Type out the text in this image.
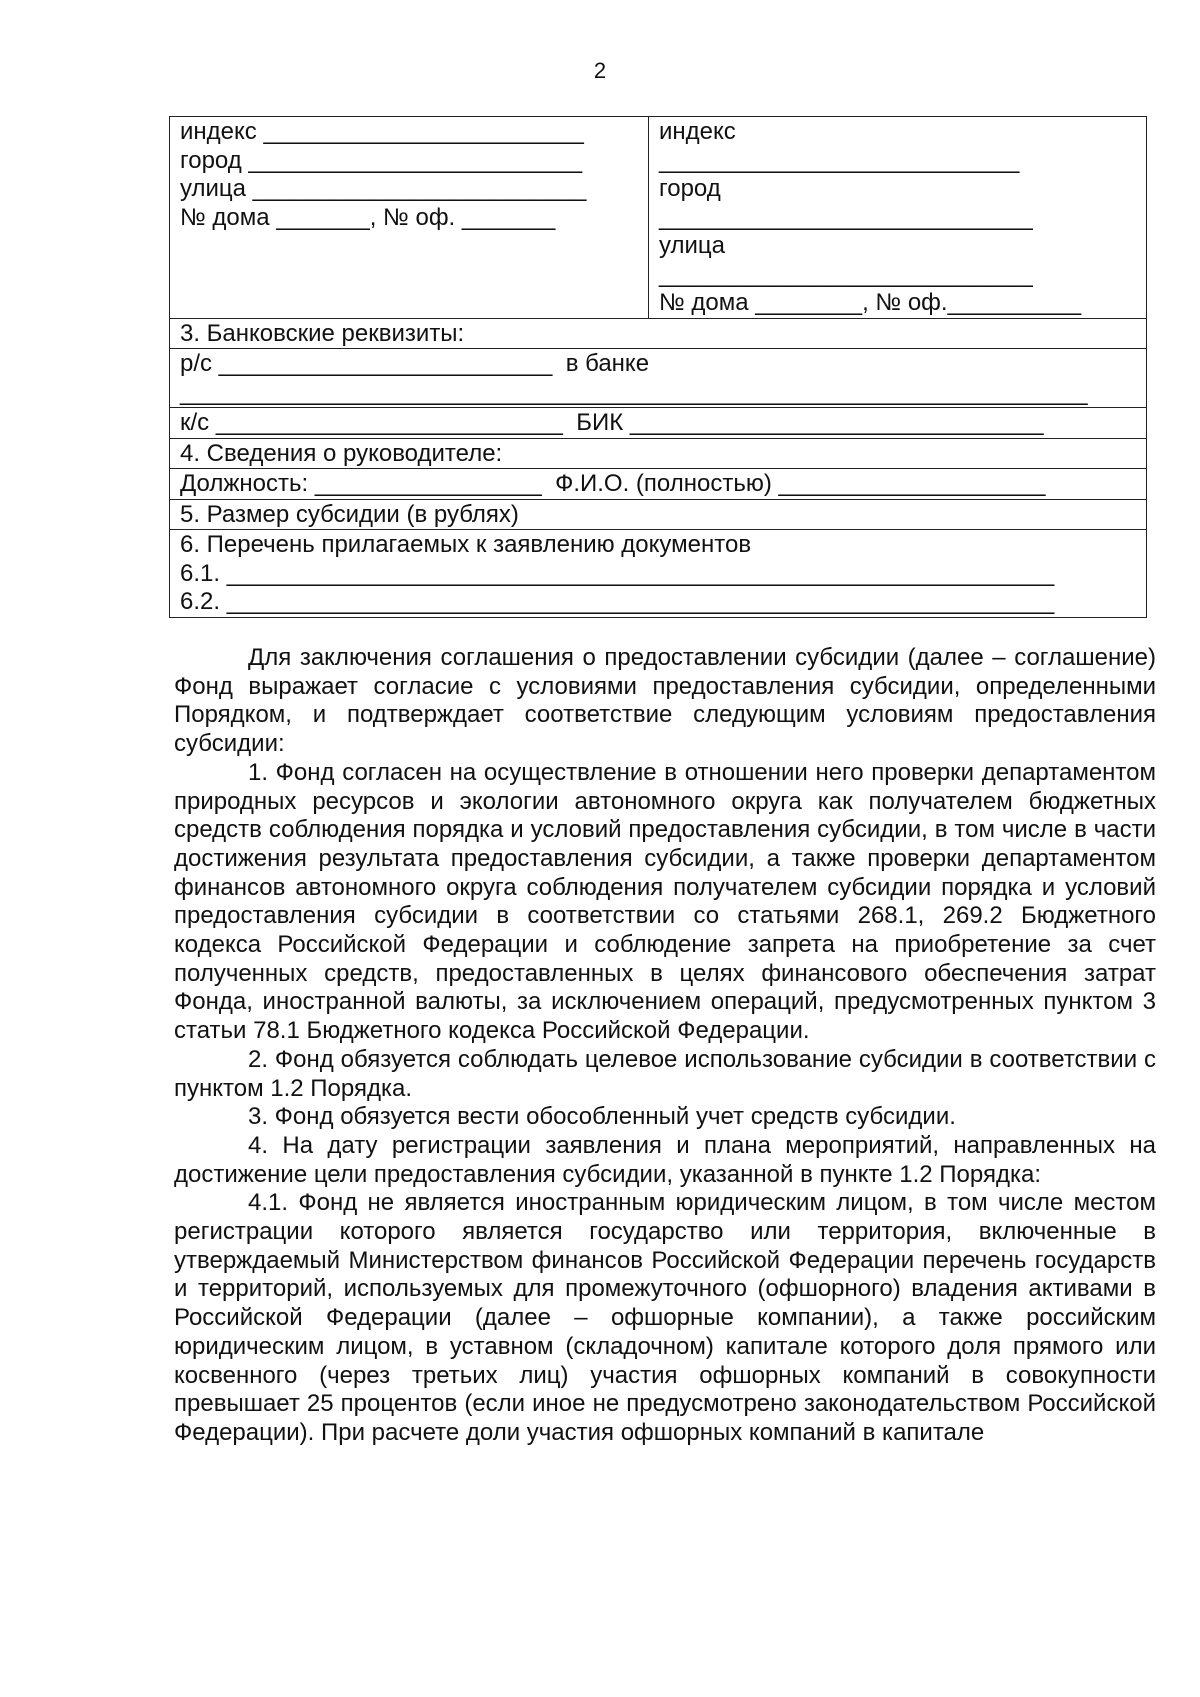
2
индекс ________________________
город _________________________
улица _________________________
№ дома _______, № оф. _______

индекс
___________________________
город
____________________________
улица
____________________________
№ дома ________, № оф.__________

3. Банковские реквизиты:

р/с _________________________  в банке
____________________________________________________________________

к/с __________________________  БИК _______________________________

4. Сведения о руководителе:

Должность: _________________  Ф.И.О. (полностью) ____________________

5. Размер субсидии (в рублях)

6. Перечень прилагаемых к заявлению документов
6.1. ______________________________________________________________
6.2. ______________________________________________________________

Для заключения соглашения о предоставлении субсидии (далее – соглашение) Фонд выражает согласие с условиями предоставления субсидии, определенными Порядком, и подтверждает соответствие следующим условиям предоставления субсидии:

1. Фонд согласен на осуществление в отношении него проверки департаментом природных ресурсов и экологии автономного округа как получателем бюджетных средств соблюдения порядка и условий предоставления субсидии, в том числе в части достижения результата предоставления субсидии, а также проверки департаментом финансов автономного округа соблюдения получателем субсидии порядка и условий предоставления субсидии в соответствии со статьями 268.1, 269.2 Бюджетного кодекса Российской Федерации и соблюдение запрета на приобретение за счет полученных средств, предоставленных в целях финансового обеспечения затрат Фонда, иностранной валюты, за исключением операций, предусмотренных пунктом 3 статьи 78.1 Бюджетного кодекса Российской Федерации.

2. Фонд обязуется соблюдать целевое использование субсидии в соответствии с пунктом 1.2 Порядка.

3. Фонд обязуется вести обособленный учет средств субсидии.

4. На дату регистрации заявления и плана мероприятий, направленных на достижение цели предоставления субсидии, указанной в пункте 1.2 Порядка:

4.1. Фонд не является иностранным юридическим лицом, в том числе местом регистрации которого является государство или территория, включенные в утверждаемый Министерством финансов Российской Федерации перечень государств и территорий, используемых для промежуточного (офшорного) владения активами в Российской Федерации (далее – офшорные компании), а также российским юридическим лицом, в уставном (складочном) капитале которого доля прямого или косвенного (через третьих лиц) участия офшорных компаний в совокупности превышает 25 процентов (если иное не предусмотрено законодательством Российской Федерации). При расчете доли участия офшорных компаний в капитале
